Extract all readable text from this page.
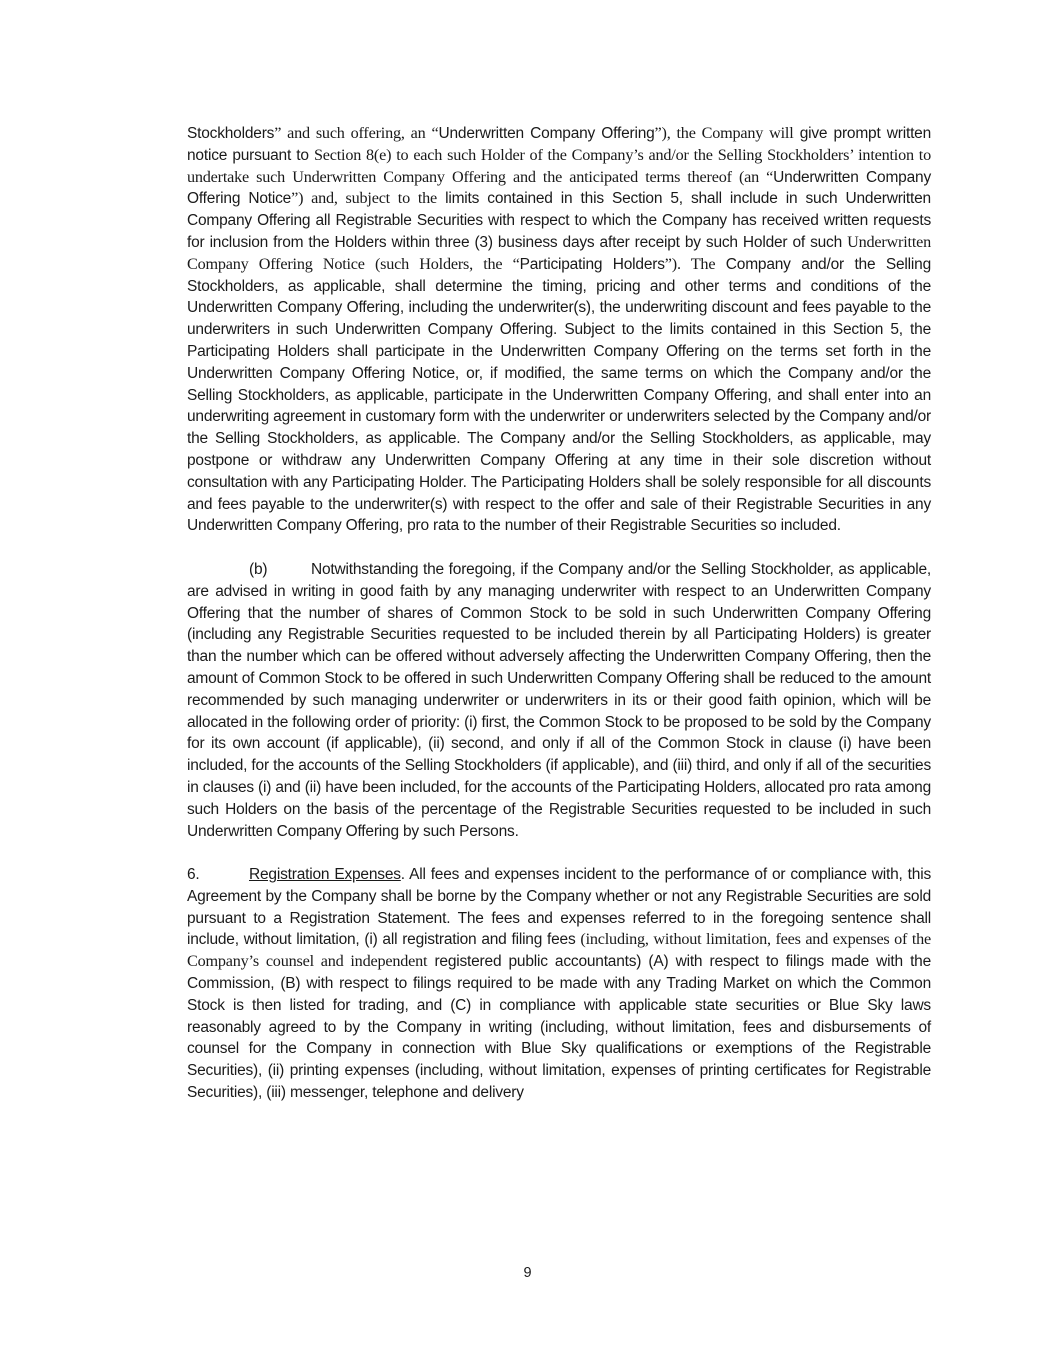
Stockholders” and such offering, an “Underwritten Company Offering”), the Company will give prompt written notice pursuant to Section 8(e) to each such Holder of the Company’s and/or the Selling Stockholders’ intention to undertake such Underwritten Company Offering and the anticipated terms thereof (an “Underwritten Company Offering Notice”) and, subject to the limits contained in this Section 5, shall include in such Underwritten Company Offering all Registrable Securities with respect to which the Company has received written requests for inclusion from the Holders within three (3) business days after receipt by such Holder of such Underwritten Company Offering Notice (such Holders, the “Participating Holders”). The Company and/or the Selling Stockholders, as applicable, shall determine the timing, pricing and other terms and conditions of the Underwritten Company Offering, including the underwriter(s), the underwriting discount and fees payable to the underwriters in such Underwritten Company Offering. Subject to the limits contained in this Section 5, the Participating Holders shall participate in the Underwritten Company Offering on the terms set forth in the Underwritten Company Offering Notice, or, if modified, the same terms on which the Company and/or the Selling Stockholders, as applicable, participate in the Underwritten Company Offering, and shall enter into an underwriting agreement in customary form with the underwriter or underwriters selected by the Company and/or the Selling Stockholders, as applicable. The Company and/or the Selling Stockholders, as applicable, may postpone or withdraw any Underwritten Company Offering at any time in their sole discretion without consultation with any Participating Holder. The Participating Holders shall be solely responsible for all discounts and fees payable to the underwriter(s) with respect to the offer and sale of their Registrable Securities in any Underwritten Company Offering, pro rata to the number of their Registrable Securities so included.

(b)	Notwithstanding the foregoing, if the Company and/or the Selling Stockholder, as applicable, are advised in writing in good faith by any managing underwriter with respect to an Underwritten Company Offering that the number of shares of Common Stock to be sold in such Underwritten Company Offering (including any Registrable Securities requested to be included therein by all Participating Holders) is greater than the number which can be offered without adversely affecting the Underwritten Company Offering, then the amount of Common Stock to be offered in such Underwritten Company Offering shall be reduced to the amount recommended by such managing underwriter or underwriters in its or their good faith opinion, which will be allocated in the following order of priority: (i) first, the Common Stock to be proposed to be sold by the Company for its own account (if applicable), (ii) second, and only if all of the Common Stock in clause (i) have been included, for the accounts of the Selling Stockholders (if applicable), and (iii) third, and only if all of the securities in clauses (i) and (ii) have been included, for the accounts of the Participating Holders, allocated pro rata among such Holders on the basis of the percentage of the Registrable Securities requested to be included in such Underwritten Company Offering by such Persons.

6.	Registration Expenses. All fees and expenses incident to the performance of or compliance with, this Agreement by the Company shall be borne by the Company whether or not any Registrable Securities are sold pursuant to a Registration Statement. The fees and expenses referred to in the foregoing sentence shall include, without limitation, (i) all registration and filing fees (including, without limitation, fees and expenses of the Company’s counsel and independent registered public accountants) (A) with respect to filings made with the Commission, (B) with respect to filings required to be made with any Trading Market on which the Common Stock is then listed for trading, and (C) in compliance with applicable state securities or Blue Sky laws reasonably agreed to by the Company in writing (including, without limitation, fees and disbursements of counsel for the Company in connection with Blue Sky qualifications or exemptions of the Registrable Securities), (ii) printing expenses (including, without limitation, expenses of printing certificates for Registrable Securities), (iii) messenger, telephone and delivery

9
